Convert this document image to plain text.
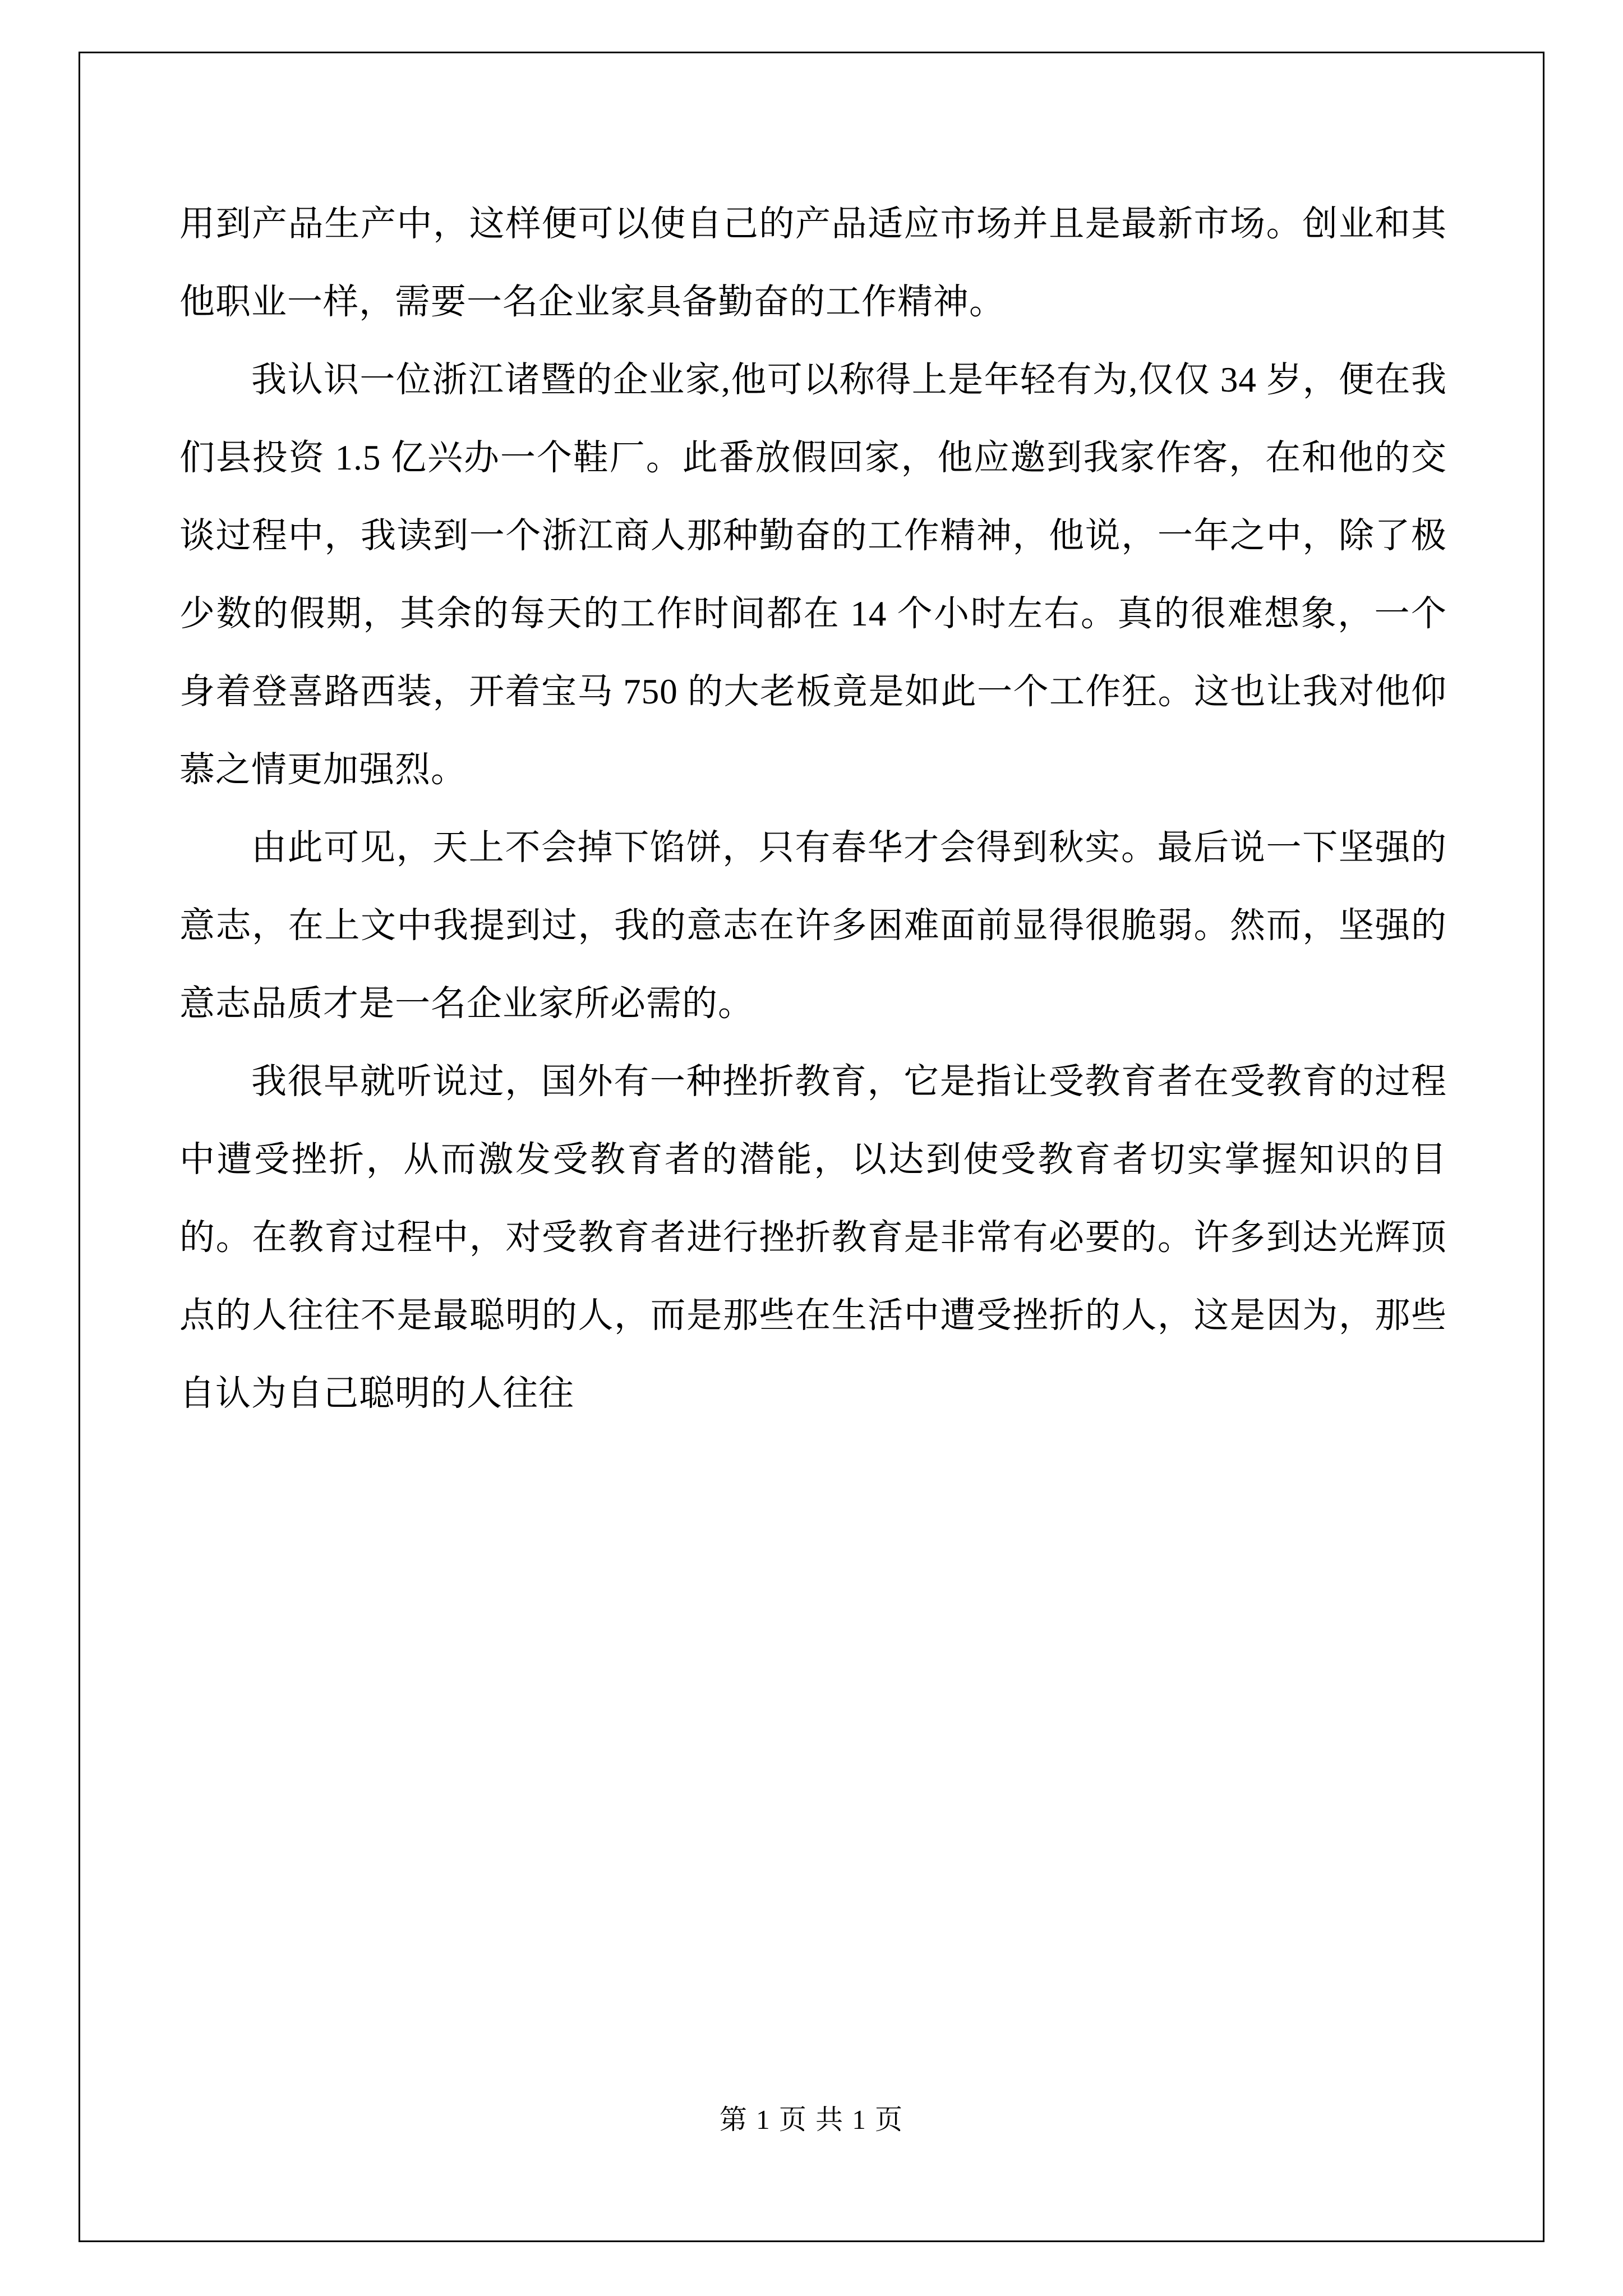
用到产品生产中，这样便可以使自己的产品适应市场并且是最新市场。创业和其他职业一样，需要一名企业家具备勤奋的工作精神。

我认识一位浙江诸暨的企业家,他可以称得上是年轻有为,仅仅 34 岁，便在我们县投资 1.5 亿兴办一个鞋厂。此番放假回家，他应邀到我家作客，在和他的交谈过程中，我读到一个浙江商人那种勤奋的工作精神，他说，一年之中，除了极少数的假期，其余的每天的工作时间都在 14 个小时左右。真的很难想象，一个身着登喜路西装，开着宝马 750 的大老板竟是如此一个工作狂。这也让我对他仰慕之情更加强烈。

由此可见，天上不会掉下馅饼，只有春华才会得到秋实。最后说一下坚强的意志，在上文中我提到过，我的意志在许多困难面前显得很脆弱。然而，坚强的意志品质才是一名企业家所必需的。

我很早就听说过，国外有一种挫折教育，它是指让受教育者在受教育的过程中遭受挫折，从而激发受教育者的潜能，以达到使受教育者切实掌握知识的目的。在教育过程中，对受教育者进行挫折教育是非常有必要的。许多到达光辉顶点的人往往不是最聪明的人，而是那些在生活中遭受挫折的人，这是因为，那些自认为自己聪明的人往往

第 1 页 共 1 页
